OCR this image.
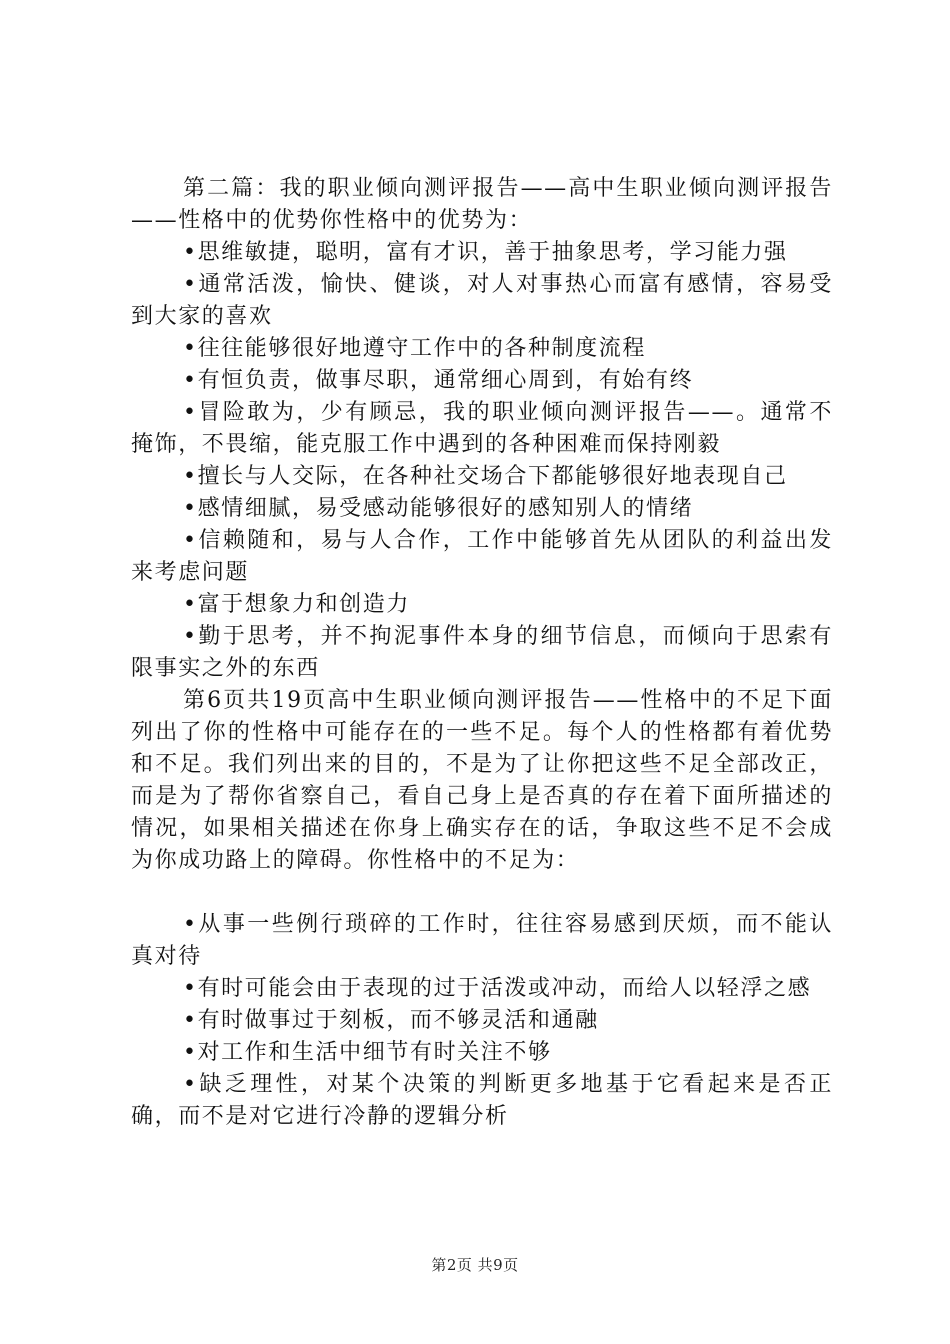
第二篇：我的职业倾向测评报告——高中生职业倾向测评报告——性格中的优势你性格中的优势为：

•思维敏捷，聪明，富有才识，善于抽象思考，学习能力强

•通常活泼，愉快、健谈，对人对事热心而富有感情，容易受到大家的喜欢

•往往能够很好地遵守工作中的各种制度流程

•有恒负责，做事尽职，通常细心周到，有始有终

•冒险敢为，少有顾忌，我的职业倾向测评报告——。通常不掩饰，不畏缩，能克服工作中遇到的各种困难而保持刚毅

•擅长与人交际，在各种社交场合下都能够很好地表现自己

•感情细腻，易受感动能够很好的感知别人的情绪

•信赖随和，易与人合作，工作中能够首先从团队的利益出发来考虑问题

•富于想象力和创造力

•勤于思考，并不拘泥事件本身的细节信息，而倾向于思索有限事实之外的东西

第6页共19页高中生职业倾向测评报告——性格中的不足下面列出了你的性格中可能存在的一些不足。每个人的性格都有着优势和不足。我们列出来的目的，不是为了让你把这些不足全部改正，而是为了帮你省察自己，看自己身上是否真的存在着下面所描述的情况，如果相关描述在你身上确实存在的话，争取这些不足不会成为你成功路上的障碍。你性格中的不足为：

•从事一些例行琐碎的工作时，往往容易感到厌烦，而不能认真对待

•有时可能会由于表现的过于活泼或冲动，而给人以轻浮之感

•有时做事过于刻板，而不够灵活和通融

•对工作和生活中细节有时关注不够

•缺乏理性，对某个决策的判断更多地基于它看起来是否正确，而不是对它进行冷静的逻辑分析

第2页 共9页
